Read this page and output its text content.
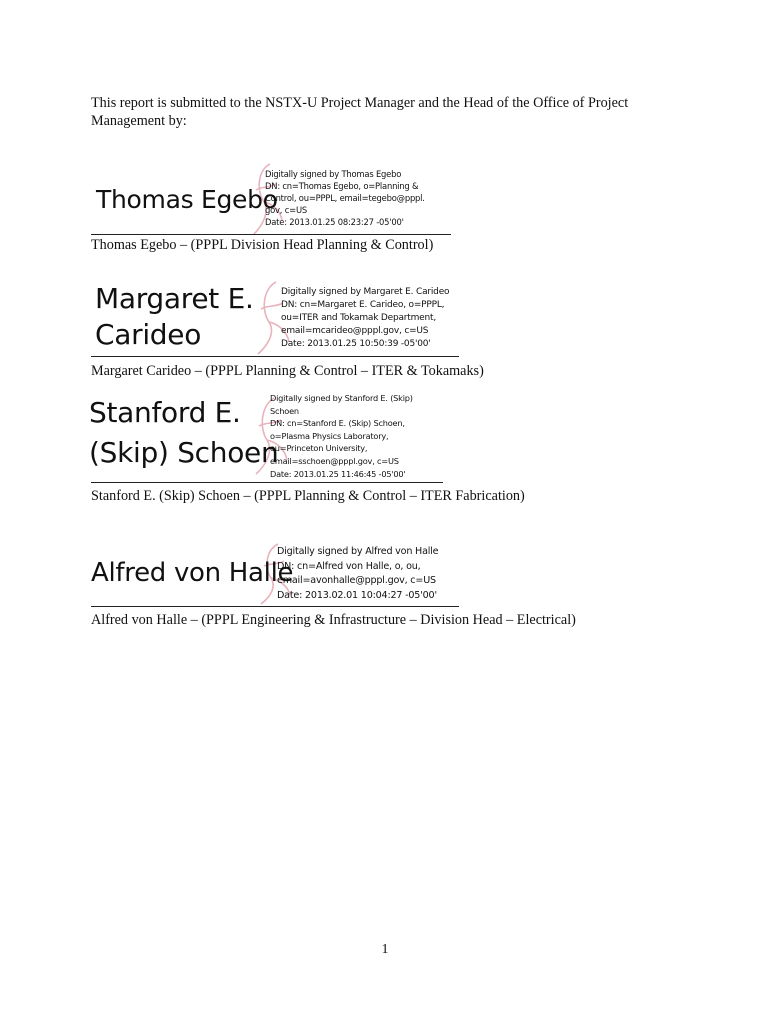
This report is submitted to the NSTX-U Project Manager and the Head of the Office of Project Management by:
Thomas Egebo
Digitally signed by Thomas Egebo
DN: cn=Thomas Egebo, o=Planning &
Control, ou=PPPL, email=tegebo@pppl.
gov, c=US
Date: 2013.01.25 08:23:27 -05'00'
Thomas Egebo – (PPPL Division Head Planning & Control)
Margaret E.
Carideo
Digitally signed by Margaret E. Carideo
DN: cn=Margaret E. Carideo, o=PPPL,
ou=ITER and Tokamak Department,
email=mcarideo@pppl.gov, c=US
Date: 2013.01.25 10:50:39 -05'00'
Margaret Carideo – (PPPL Planning & Control – ITER & Tokamaks)
Stanford E.
(Skip) Schoen
Digitally signed by Stanford E. (Skip)
Schoen
DN: cn=Stanford E. (Skip) Schoen,
o=Plasma Physics Laboratory,
ou=Princeton University,
email=sschoen@pppl.gov, c=US
Date: 2013.01.25 11:46:45 -05'00'
Stanford E. (Skip) Schoen – (PPPL Planning & Control – ITER Fabrication)
Alfred von Halle
Digitally signed by Alfred von Halle
DN: cn=Alfred von Halle, o, ou,
email=avonhalle@pppl.gov, c=US
Date: 2013.02.01 10:04:27 -05'00'
Alfred von Halle – (PPPL Engineering & Infrastructure – Division Head – Electrical)
1
